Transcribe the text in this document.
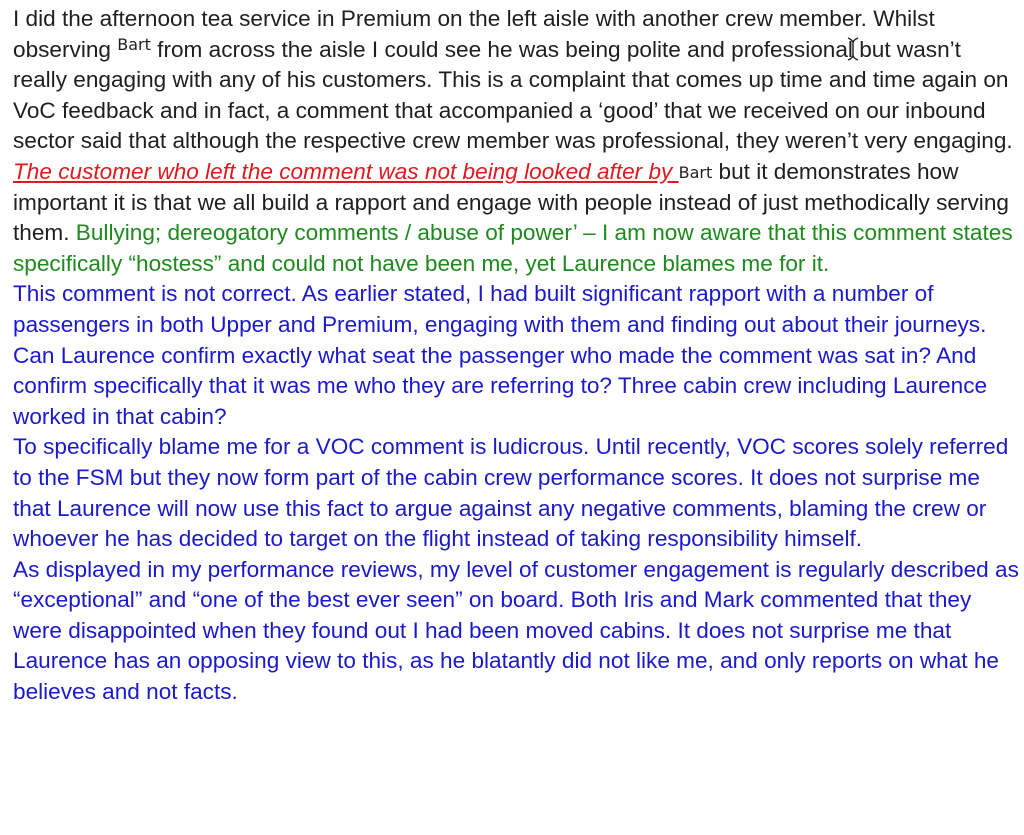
I did the afternoon tea service in Premium on the left aisle with another crew member. Whilst observing $^{Bart}$ from across the aisle I could see he was being polite and professional
but wasn’t really engaging with any of his customers. This is a complaint that comes up time and time again on VoC feedback and in fact, a comment that accompanied a ‘good’ that we received on our inbound sector said that although the respective crew member was professional, they weren’t very engaging. The customer who left the comment was not being looked after by Bart but it demonstrates how important it is that we all build a rapport and engage with people instead of just methodically serving them. Bullying; dereogatory comments / abuse of power’ – I am now aware that this comment states specifically “hostess” and could not have been me, yet Laurence blames me for it.

This comment is not correct. As earlier stated, I had built significant rapport with a number of passengers in both Upper and Premium, engaging with them and finding out about their journeys. Can Laurence confirm exactly what seat the passenger who made the comment was sat in? And confirm specifically that it was me who they are referring to? Three cabin crew including Laurence worked in that cabin?

To specifically blame me for a VOC comment is ludicrous. Until recently, VOC scores solely referred to the FSM but they now form part of the cabin crew performance scores. It does not surprise me that Laurence will now use this fact to argue against any negative comments, blaming the crew or whoever he has decided to target on the flight instead of taking responsibility himself.

As displayed in my performance reviews, my level of customer engagement is regularly described as “exceptional” and “one of the best ever seen” on board. Both Iris and Mark commented that they were disappointed when they found out I had been moved cabins. It does not surprise me that Laurence has an opposing view to this, as he blatantly did not like me, and only reports on what he believes and not facts.
